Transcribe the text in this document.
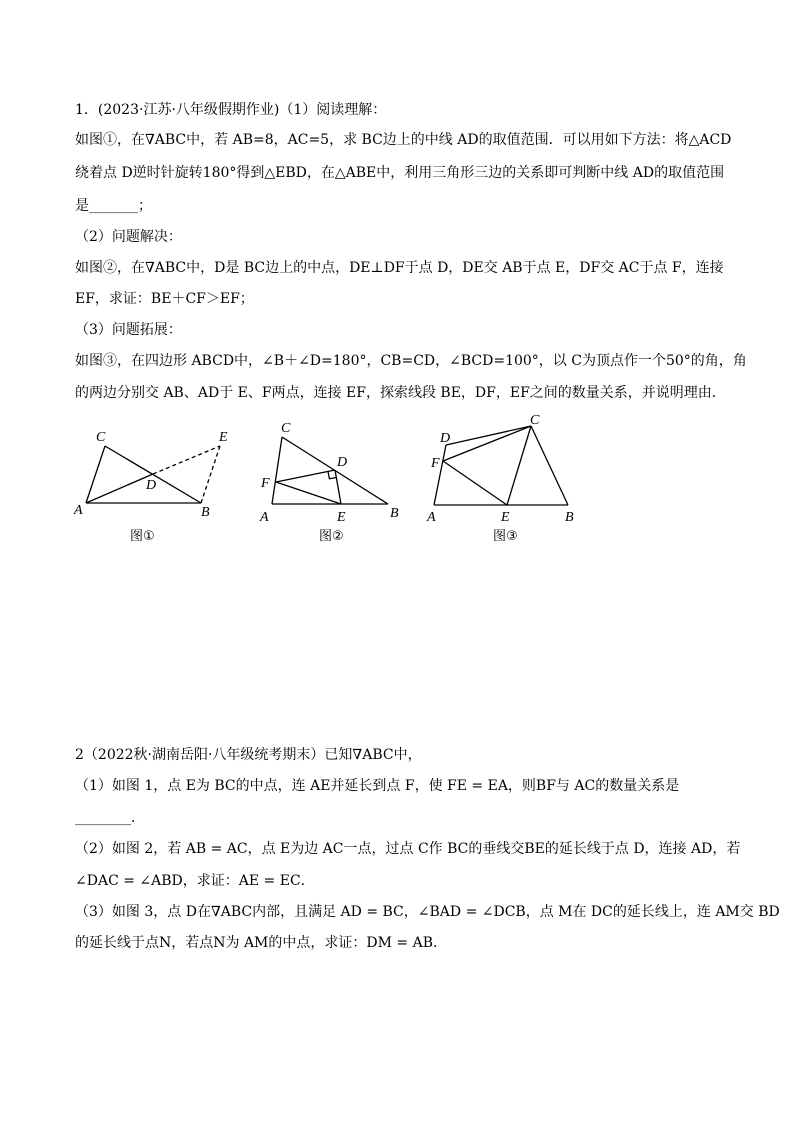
1．(2023·江苏·八年级假期作业)（1）阅读理解：
如图①，在∇ABC中，若 AB=8，AC=5，求 BC边上的中线 AD的取值范围．可以用如下方法：将△ACD
绕着点 D逆时针旋转180°得到△EBD，在△ABE中，利用三角形三边的关系即可判断中线 AD的取值范围
是_______；
（2）问题解决：
如图②，在∇ABC中，D是 BC边上的中点，DE⊥DF于点 D，DE交 AB于点 E，DF交 AC于点 F，连接
EF，求证：BE＋CF＞EF；
（3）问题拓展：
如图③，在四边形 ABCD中，∠B＋∠D=180°，CB=CD，∠BCD=100°，以 C为顶点作一个50°的角，角
的两边分别交 AB、AD于 E、F两点，连接 EF，探索线段 BE，DF，EF之间的数量关系，并说明理由．
C	E
D
A	B
图①
C
D
F
A	E	B
图②
C
D
F
A	E	B
图③
2（2022秋·湖南岳阳·八年级统考期末）已知∇ABC中，
（1）如图 1，点 E为 BC的中点，连 AE并延长到点 F，使 FE = EA，则BF与 AC的数量关系是
________．
（2）如图 2，若 AB = AC，点 E为边 AC一点，过点 C作 BC的垂线交BE的延长线于点 D，连接 AD，若
∠DAC = ∠ABD，求证：AE = EC．
（3）如图 3，点 D在∇ABC内部，且满足 AD = BC，∠BAD = ∠DCB，点 M在 DC的延长线上，连 AM交 BD
的延长线于点N，若点N为 AM的中点，求证：DM = AB．
